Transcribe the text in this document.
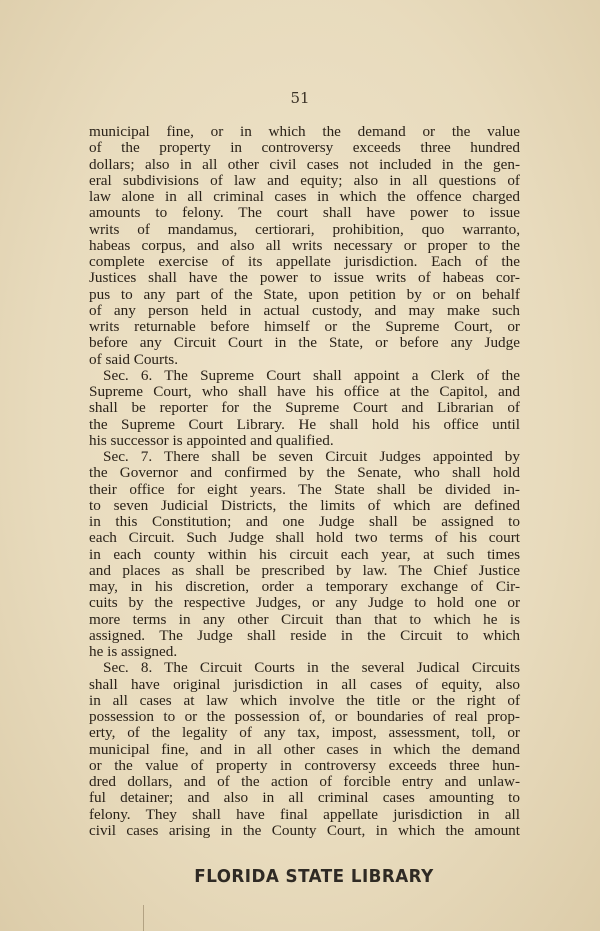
51
municipal fine, or in which the demand or the value
of the property in controversy exceeds three hundred
dollars; also in all other civil cases not included in the gen-
eral subdivisions of law and equity; also in all questions of
law alone in all criminal cases in which the offence charged
amounts to felony. The court shall have power to issue
writs of mandamus, certiorari, prohibition, quo warranto,
habeas corpus, and also all writs necessary or proper to the
complete exercise of its appellate jurisdiction. Each of the
Justices shall have the power to issue writs of habeas cor-
pus to any part of the State, upon petition by or on behalf
of any person held in actual custody, and may make such
writs returnable before himself or the Supreme Court, or
before any Circuit Court in the State, or before any Judge
of said Courts.
Sec. 6. The Supreme Court shall appoint a Clerk of the
Supreme Court, who shall have his office at the Capitol, and
shall be reporter for the Supreme Court and Librarian of
the Supreme Court Library. He shall hold his office until
his successor is appointed and qualified.
Sec. 7. There shall be seven Circuit Judges appointed by
the Governor and confirmed by the Senate, who shall hold
their office for eight years. The State shall be divided in-
to seven Judicial Districts, the limits of which are defined
in this Constitution; and one Judge shall be assigned to
each Circuit. Such Judge shall hold two terms of his court
in each county within his circuit each year, at such times
and places as shall be prescribed by law. The Chief Justice
may, in his discretion, order a temporary exchange of Cir-
cuits by the respective Judges, or any Judge to hold one or
more terms in any other Circuit than that to which he is
assigned. The Judge shall reside in the Circuit to which
he is assigned.
Sec. 8. The Circuit Courts in the several Judical Circuits
shall have original jurisdiction in all cases of equity, also
in all cases at law which involve the title or the right of
possession to or the possession of, or boundaries of real prop-
erty, of the legality of any tax, impost, assessment, toll, or
municipal fine, and in all other cases in which the demand
or the value of property in controversy exceeds three hun-
dred dollars, and of the action of forcible entry and unlaw-
ful detainer; and also in all criminal cases amounting to
felony. They shall have final appellate jurisdiction in all
civil cases arising in the County Court, in which the amount
FLORIDA STATE LIBRARY
